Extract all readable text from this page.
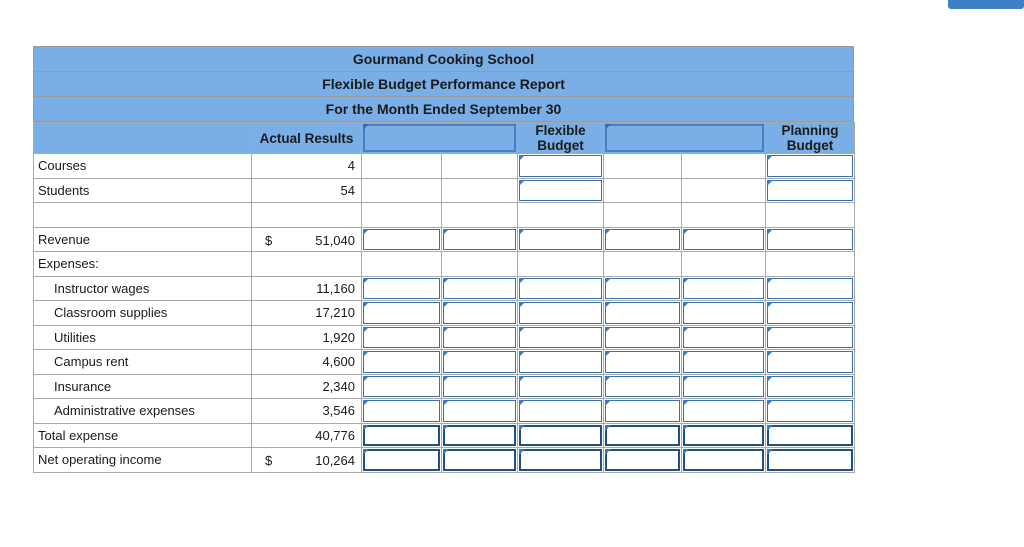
Gourmand Cooking School
Flexible Budget Performance Report
For the Month Ended September 30
	Actual Results			Flexible Budget			Planning Budget
Courses	4			

Students	54			

Revenue	$ 51,040						

Expenses:							
Instructor wages	11,160	

Classroom supplies	17,210	

Utilities	1,920	

Campus rent	4,600	

Insurance	2,340	

Administrative expenses	3,546	

Total expense	40,776	

Net operating income	$ 10,264						
